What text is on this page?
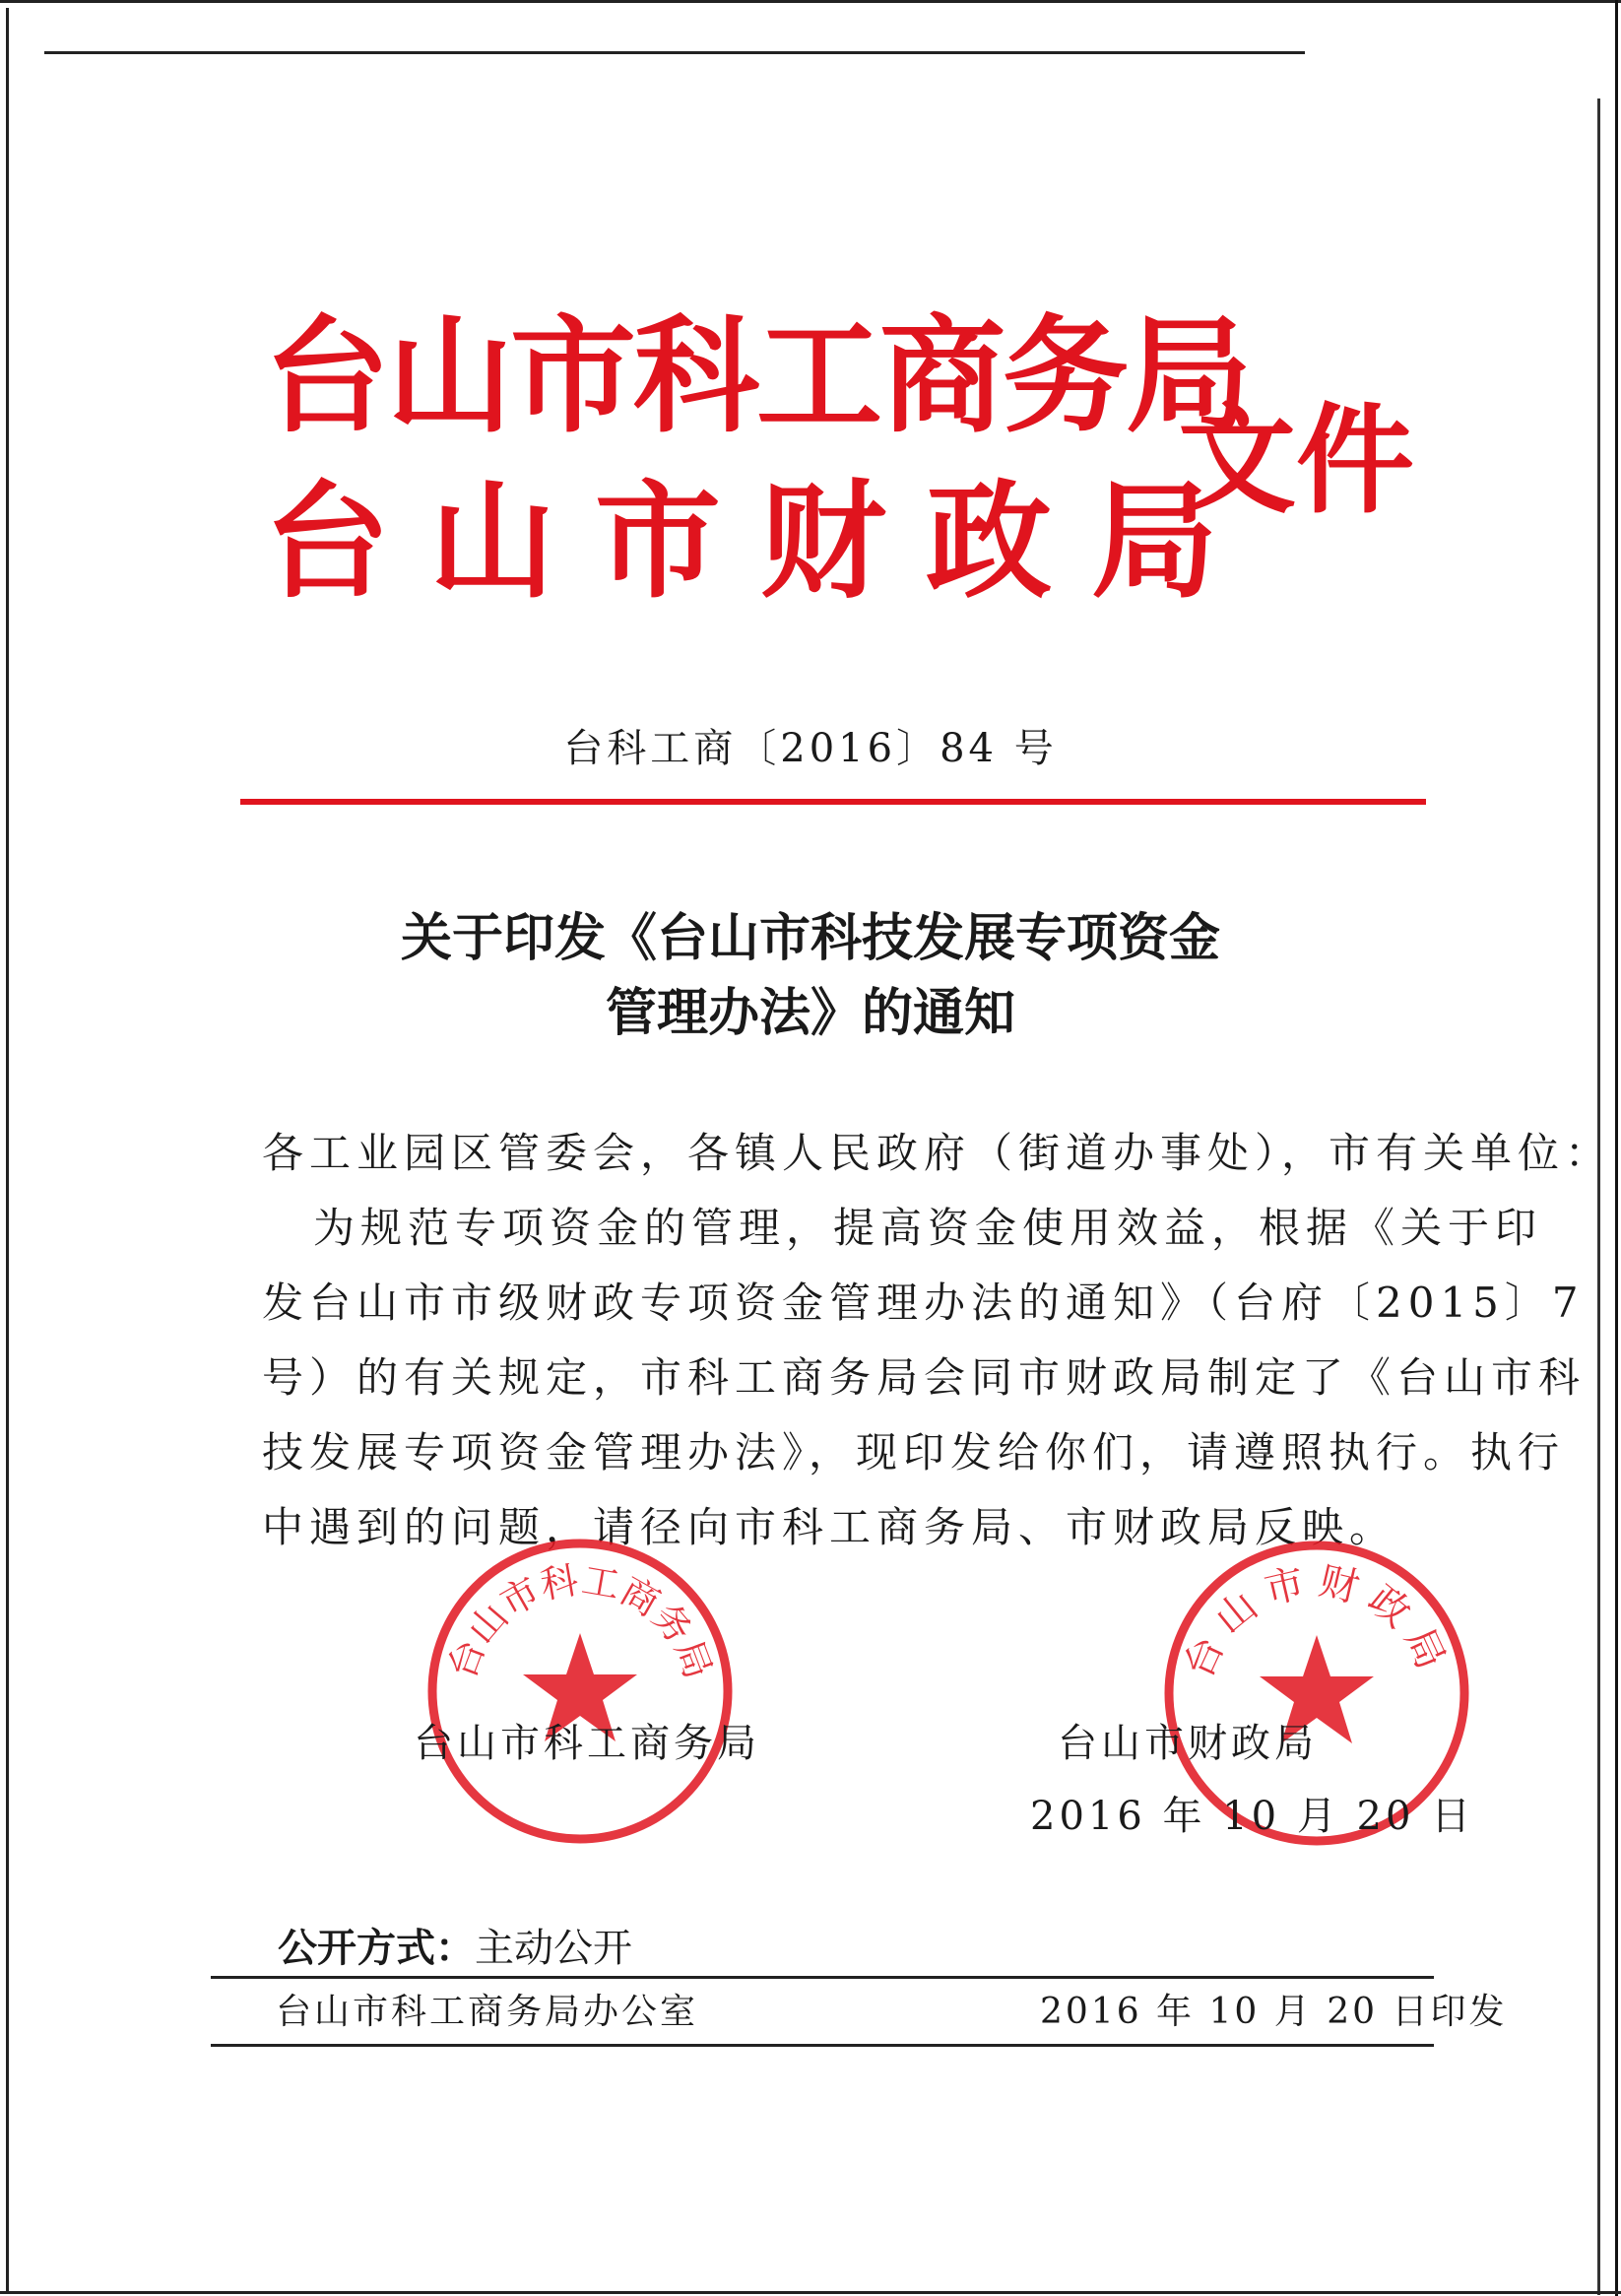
台山市科工商务局
台山市财政局
文件
台科工商〔2016〕84 号
关于印发《台山市科技发展专项资金
管理办法》的通知
各工业园区管委会，各镇人民政府（街道办事处），市有关单位：
为规范专项资金的管理，提高资金使用效益，根据《关于印
发台山市市级财政专项资金管理办法的通知》（台府〔2015〕7
号）的有关规定，市科工商务局会同市财政局制定了《台山市科
技发展专项资金管理办法》，现印发给你们，请遵照执行。执行
中遇到的问题，请径向市科工商务局、市财政局反映。
台山市科工商务局	台山市财政局
台山市科工商务局	台山市财政局
2016 年 10 月 20 日
公开方式：主动公开
台山市科工商务局办公室	2016 年 10 月 20 日印发
